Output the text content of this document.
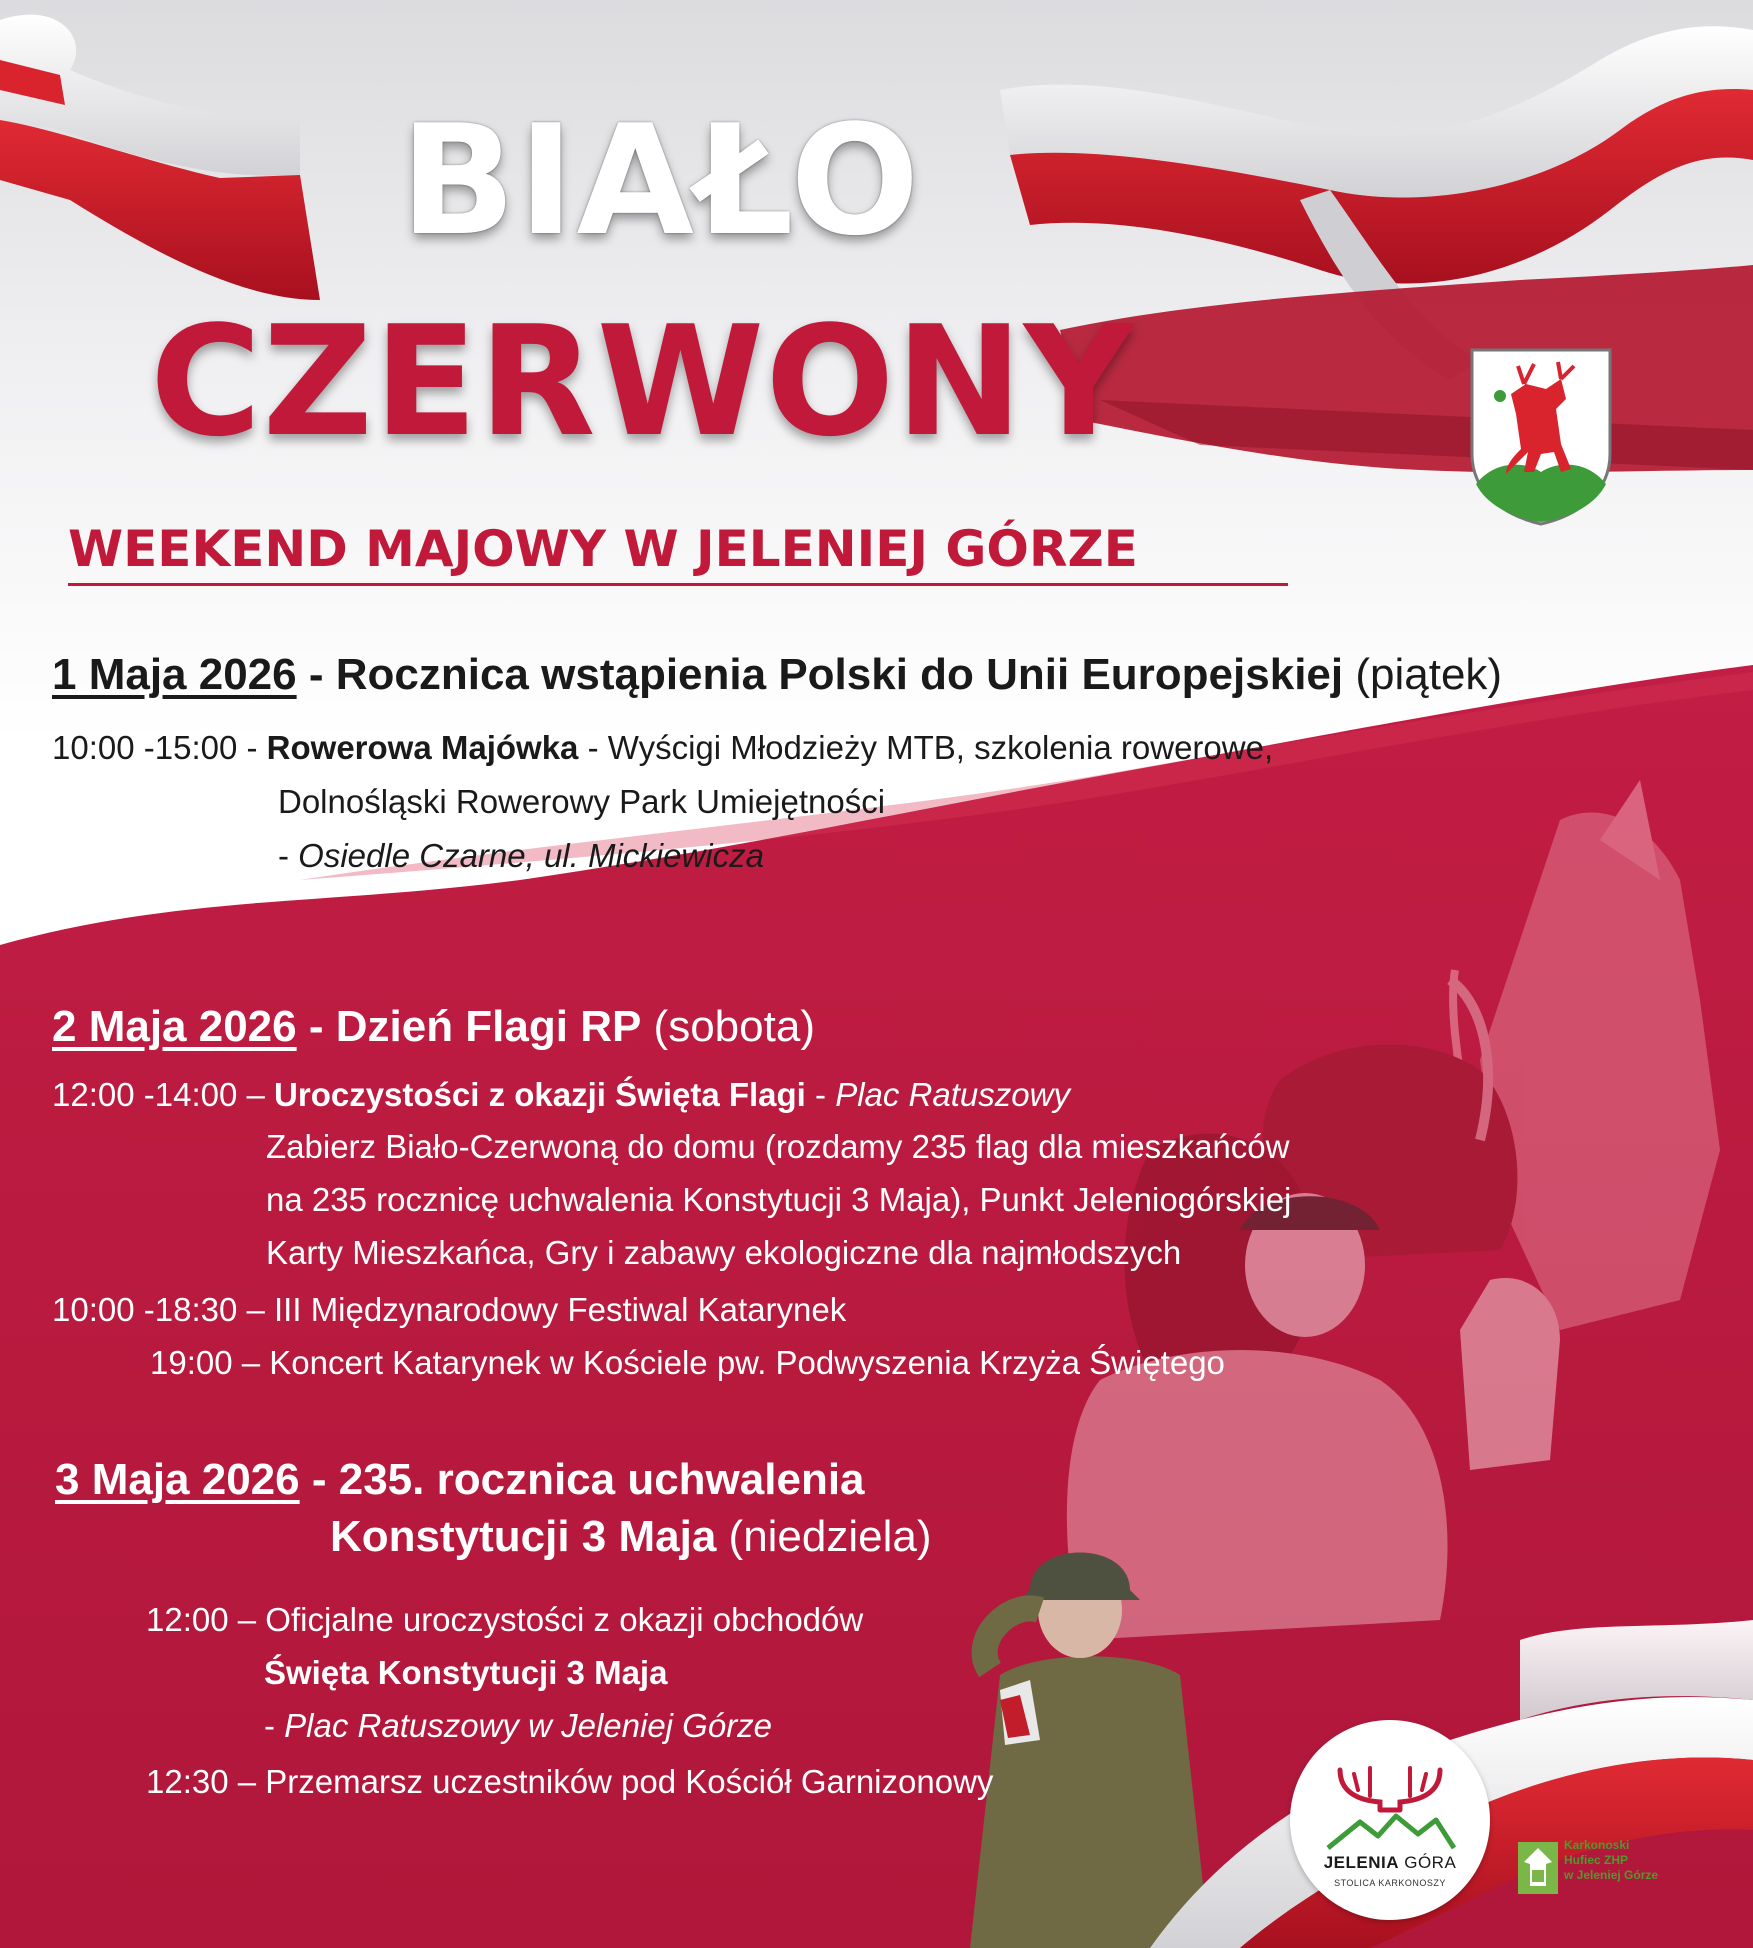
BIAŁO
CZERWONY
WEEKEND MAJOWY W JELENIEJ GÓRZE
1 Maja 2026 - Rocznica wstąpienia Polski do Unii Europejskiej (piątek)
10:00 -15:00 - Rowerowa Majówka - Wyścigi Młodzieży MTB, szkolenia rowerowe,
Dolnośląski Rowerowy Park Umiejętności
- Osiedle Czarne, ul. Mickiewicza
2 Maja 2026 - Dzień Flagi RP (sobota)
12:00 -14:00 – Uroczystości z okazji Święta Flagi - Plac Ratuszowy
Zabierz Biało-Czerwoną do domu (rozdamy 235 flag dla mieszkańców
na 235 rocznicę uchwalenia Konstytucji 3 Maja), Punkt Jeleniogórskiej
Karty Mieszkańca, Gry i zabawy ekologiczne dla najmłodszych
10:00 -18:30 – III Międzynarodowy Festiwal Katarynek
19:00 – Koncert Katarynek w Kościele pw. Podwyszenia Krzyża Świętego
3 Maja 2026 - 235. rocznica uchwalenia
Konstytucji 3 Maja (niedziela)
12:00 – Oficjalne uroczystości z okazji obchodów
Święta Konstytucji 3 Maja
- Plac Ratuszowy w Jeleniej Górze
12:30 – Przemarsz uczestników pod Kościół Garnizonowy
JELENIA GÓRA
STOLICA KARKONOSZY
Karkonoski
Hufiec ZHP
w Jeleniej Górze
